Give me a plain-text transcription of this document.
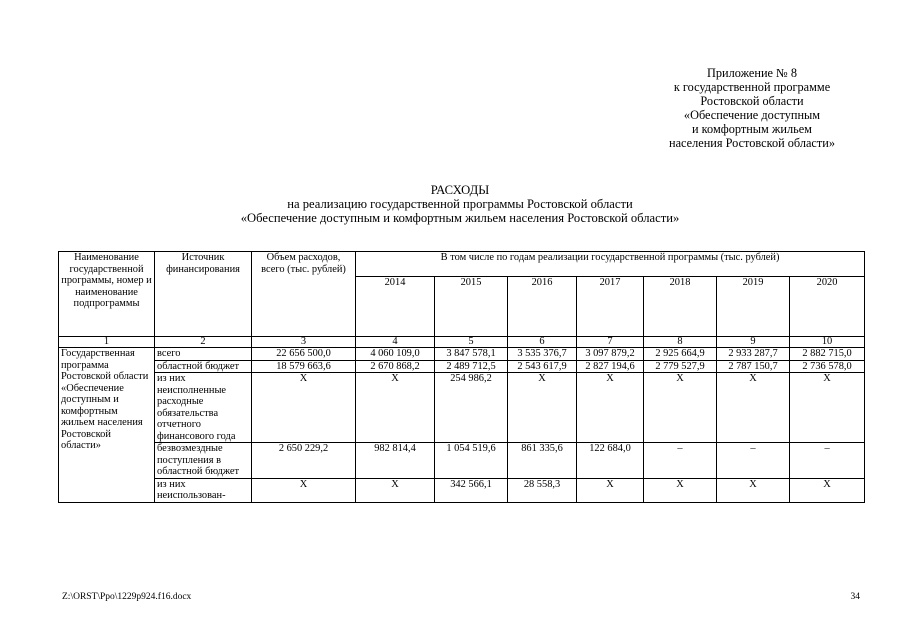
Приложение № 8
к государственной программе
Ростовской области
«Обеспечение доступным
и комфортным жильем
населения Ростовской области»
РАСХОДЫ
на реализацию государственной программы Ростовской области
«Обеспечение доступным и комфортным жильем населения Ростовской области»
Наименование государственной программы, номер и наименование подпрограммы	Источник финансирования	Объем расходов, всего (тыс. рублей)	В том числе по годам реализации государственной программы (тыс. рублей)						
			2014	2015	2016	2017	2018	2019	2020
1	2	3	4	5	6	7	8	9	10
Государственная программа Ростовской области «Обеспечение доступным и комфортным жильем населения Ростовской области»	всего	22 656 500,0	4 060 109,0	3 847 578,1	3 535 376,7	3 097 879,2	2 925 664,9	2 933 287,7	2 882 715,0
	областной бюджет	18 579 663,6	2 670 868,2	2 489 712,5	2 543 617,9	2 827 194,6	2 779 527,9	2 787 150,7	2 736 578,0
	из них неисполненные расходные обязательства отчетного финансового года	Х	Х	254 986,2	Х	Х	Х	Х	Х
	безвозмездные поступления в областной бюджет	2 650 229,2	982 814,4	1 054 519,6	861 335,6	122 684,0	–	–	–
	из них неиспользован-	Х	Х	342 566,1	28 558,3	Х	Х	Х	Х
Z:\ORST\Ppo\1229p924.f16.docx	34
